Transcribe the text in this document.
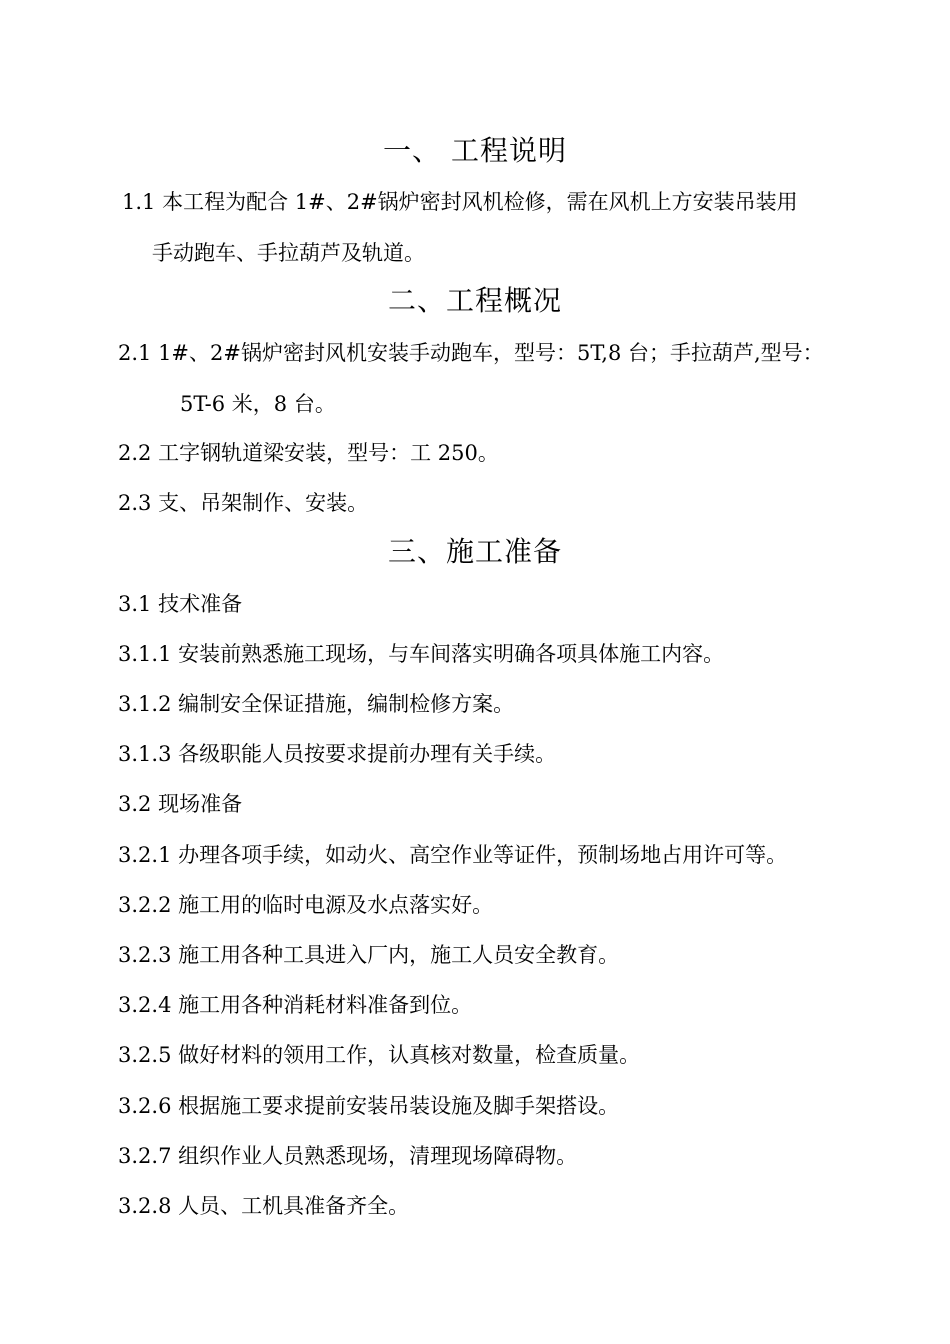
一、 工程说明
1.1 本工程为配合 1#、2#锅炉密封风机检修，需在风机上方安装吊装用
手动跑车、手拉葫芦及轨道。
二、工程概况
2.1 1#、2#锅炉密封风机安装手动跑车，型号：5T,8 台；手拉葫芦,型号：
5T-6 米，8 台。
2.2 工字钢轨道梁安装，型号：工 250。
2.3 支、吊架制作、安装。
三、施工准备
3.1 技术准备
3.1.1 安装前熟悉施工现场，与车间落实明确各项具体施工内容。
3.1.2 编制安全保证措施，编制检修方案。
3.1.3 各级职能人员按要求提前办理有关手续。
3.2 现场准备
3.2.1 办理各项手续，如动火、高空作业等证件，预制场地占用许可等。
3.2.2 施工用的临时电源及水点落实好。
3.2.3 施工用各种工具进入厂内，施工人员安全教育。
3.2.4 施工用各种消耗材料准备到位。
3.2.5 做好材料的领用工作，认真核对数量，检查质量。
3.2.6 根据施工要求提前安装吊装设施及脚手架搭设。
3.2.7 组织作业人员熟悉现场，清理现场障碍物。
3.2.8 人员、工机具准备齐全。
